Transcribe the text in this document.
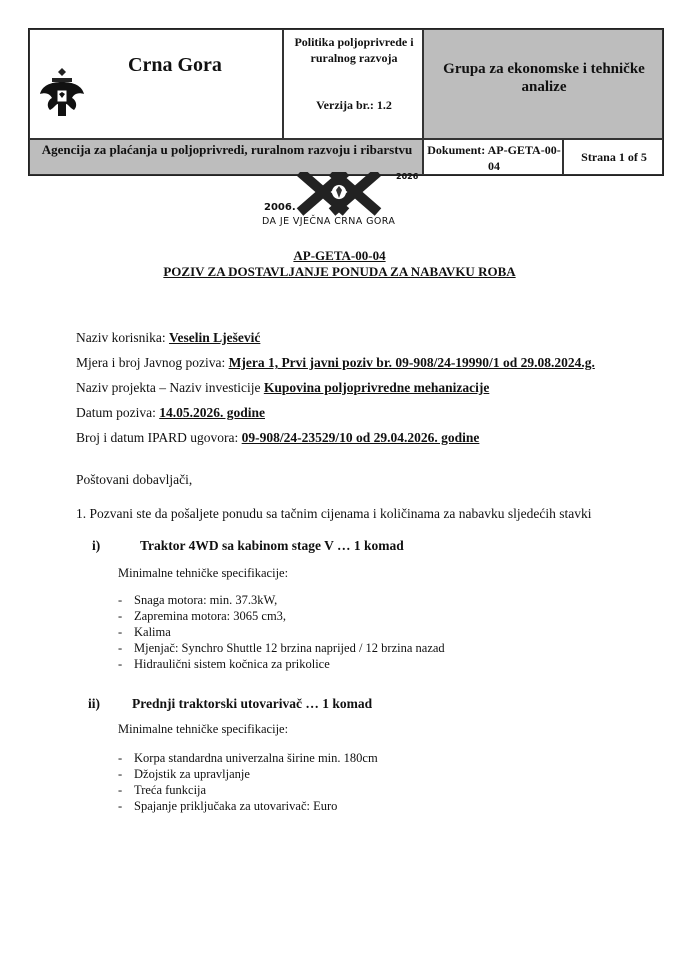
Crna Gora
Politika poljoprivrede i ruralnog razvoja
Verzija br.: 1.2
Grupa za ekonomske i tehničke analize
Agencija za plaćanja u poljoprivredi, ruralnom razvoju i ribarstvu	Dokument: AP-GETA-00-04
Strana 1 of 5
2006.
2026
DA JE VJEČNA CRNA GORA
AP-GETA-00-04
POZIV ZA DOSTAVLJANJE PONUDA ZA NABAVKU ROBA
Naziv korisnika: Veselin Lješević
Mjera i broj Javnog poziva: Mjera 1, Prvi javni poziv br. 09-908/24-19990/1 od 29.08.2024.g.
Naziv projekta – Naziv investicije Kupovina poljoprivredne mehanizacije
Datum poziva: 14.05.2026. godine
Broj i datum IPARD ugovora: 09-908/24-23529/10 od 29.04.2026. godine
Poštovani dobavljači,
1. Pozvani ste da pošaljete ponudu sa tačnim cijenama i količinama za nabavku sljedećih stavki
i)	Traktor 4WD sa kabinom stage V … 1 komad
Minimalne tehničke specifikacije:
- Snaga motora: min. 37.3kW,
- Zapremina motora: 3065 cm3,
- Kalima
- Mjenjač: Synchro Shuttle 12 brzina naprijed / 12 brzina nazad
- Hidraulični sistem kočnica za prikolice
ii) Prednji traktorski utovarivač … 1 komad
Minimalne tehničke specifikacije:
- Korpa standardna univerzalna širine min. 180cm
- Džojstik za upravljanje
- Treća funkcija
- Spajanje priključaka za utovarivač: Euro
